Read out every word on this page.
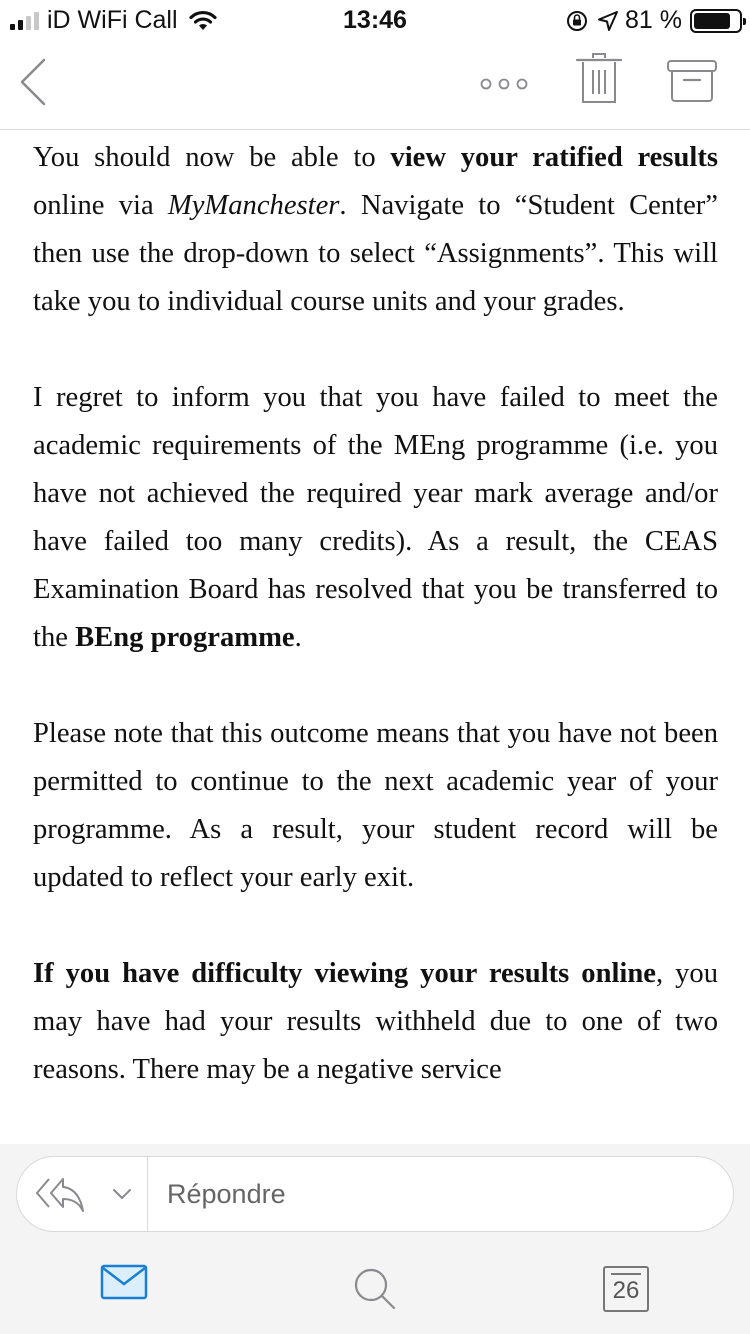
iD WiFi Call	13:46	81 %

You should now be able to view your ratified results online via MyManchester. Navigate to “Student Center” then use the drop-down to select “Assignments”. This will take you to individual course units and your grades.

I regret to inform you that you have failed to meet the academic requirements of the MEng programme (i.e. you have not achieved the required year mark average and/or have failed too many credits). As a result, the CEAS Examination Board has resolved that you be transferred to the BEng programme.

Please note that this outcome means that you have not been permitted to continue to the next academic year of your programme. As a result, your student record will be updated to reflect your early exit.

If you have difficulty viewing your results online, you may have had your results withheld due to one of two reasons. There may be a negative service

Répondre
26
